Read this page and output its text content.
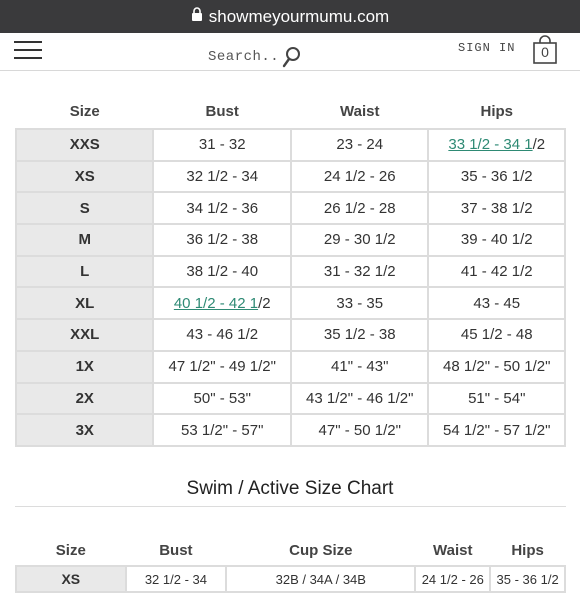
showmeyourmumu.com
Search...
SIGN IN	0
Size	Bust	Waist	Hips
XXS	31 - 32	23 - 24	33 1/2 - 34 1/2
XS	32 1/2 - 34	24 1/2 - 26	35 - 36 1/2
S	34 1/2 - 36	26 1/2 - 28	37 - 38 1/2
M	36 1/2 - 38	29 - 30 1/2	39 - 40 1/2
L	38 1/2 - 40	31 - 32 1/2	41 - 42 1/2
XL	40 1/2 - 42 1/2	33 - 35	43 - 45
XXL	43 - 46 1/2	35 1/2 - 38	45 1/2 - 48
1X	47 1/2" - 49 1/2"	41" - 43"	48 1/2" - 50 1/2"
2X	50" - 53"	43 1/2" - 46 1/2"	51" - 54"
3X	53 1/2" - 57"	47" - 50 1/2"	54 1/2" - 57 1/2"
Swim / Active Size Chart
Size	Bust	Cup Size	Waist	Hips
XS	32 1/2 - 34	32B / 34A / 34B	24 1/2 - 26	35 - 36 1/2
